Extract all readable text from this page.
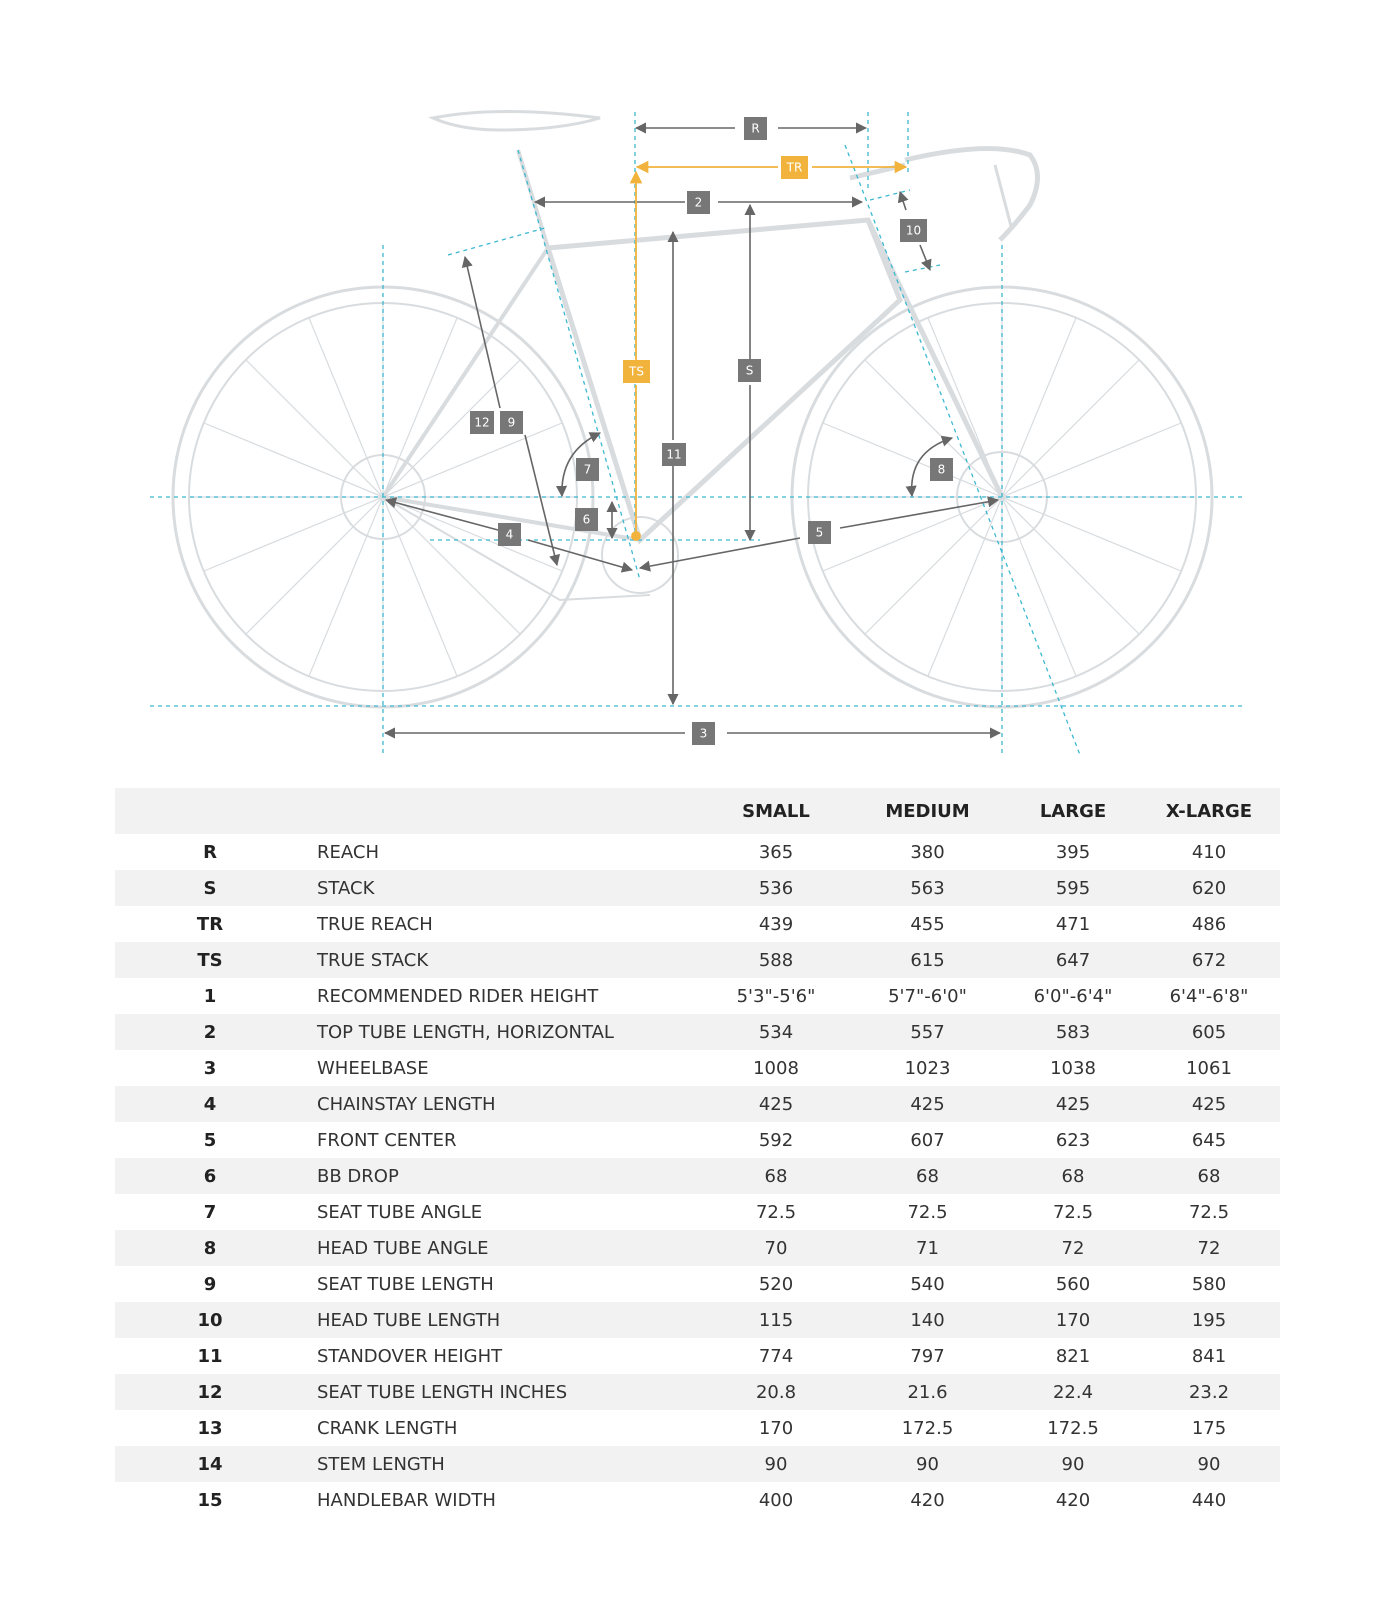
R
TR
2
10
TS	S
12 9
11
7	8
6
4	5
3
		SMALL	MEDIUM	LARGE	X-LARGE
R	REACH	365	380	395	410
S	STACK	536	563	595	620
TR	TRUE REACH	439	455	471	486
TS	TRUE STACK	588	615	647	672
1	RECOMMENDED RIDER HEIGHT	5'3"-5'6"	5'7"-6'0"	6'0"-6'4"	6'4"-6'8"
2	TOP TUBE LENGTH, HORIZONTAL	534	557	583	605
3	WHEELBASE	1008	1023	1038	1061
4	CHAINSTAY LENGTH	425	425	425	425
5	FRONT CENTER	592	607	623	645
6	BB DROP	68	68	68	68
7	SEAT TUBE ANGLE	72.5	72.5	72.5	72.5
8	HEAD TUBE ANGLE	70	71	72	72
9	SEAT TUBE LENGTH	520	540	560	580
10	HEAD TUBE LENGTH	115	140	170	195
11	STANDOVER HEIGHT	774	797	821	841
12	SEAT TUBE LENGTH INCHES	20.8	21.6	22.4	23.2
13	CRANK LENGTH	170	172.5	172.5	175
14	STEM LENGTH	90	90	90	90
15	HANDLEBAR WIDTH	400	420	420	440
